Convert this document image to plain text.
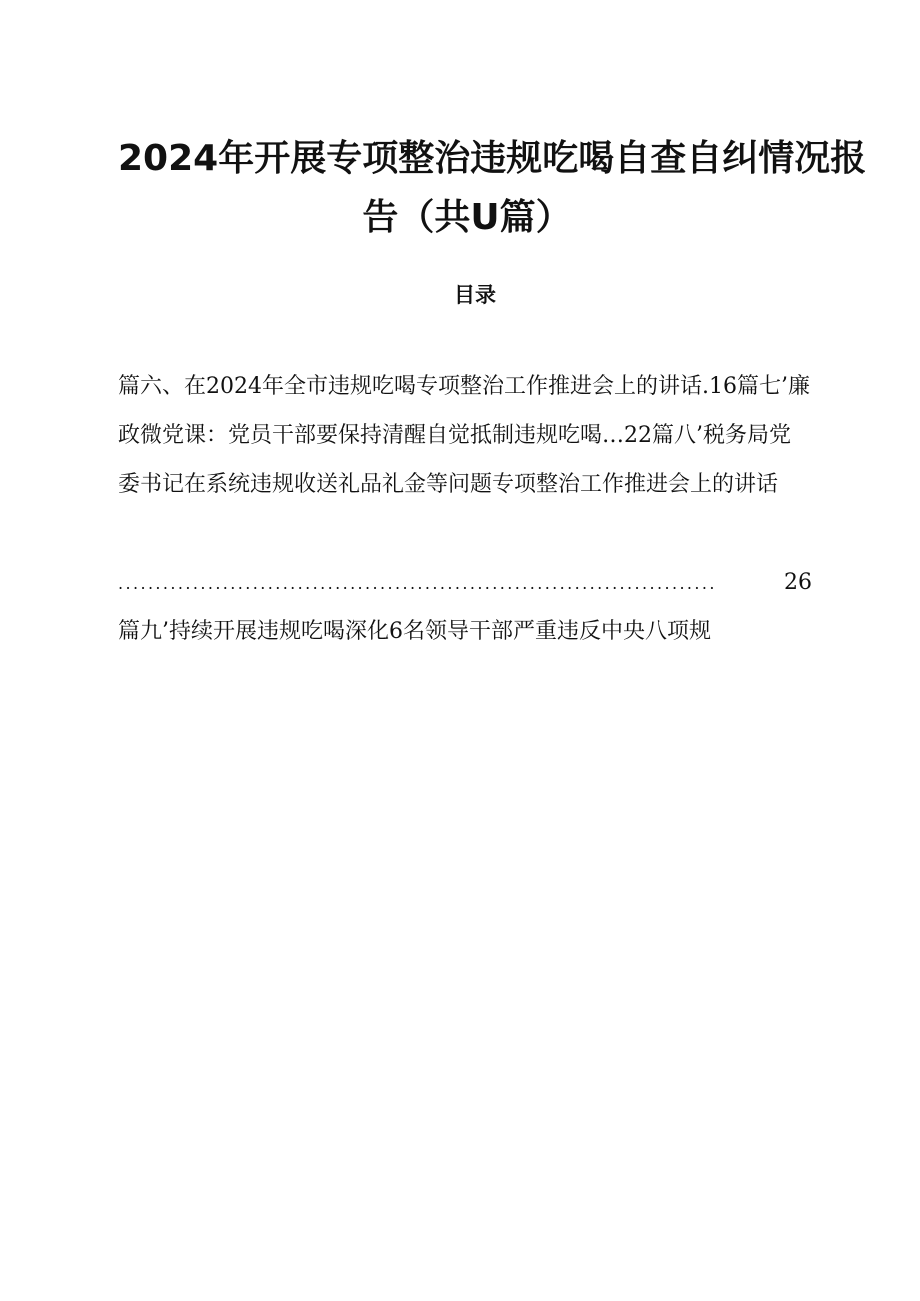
2024年开展专项整治违规吃喝自查自纠情况报
告（共U篇）
目录
篇六、在2024年全市违规吃喝专项整治工作推进会上的讲话.16篇七’廉
政微党课：党员干部要保持清醒自觉抵制违规吃喝…22篇八’税务局党
委书记在系统违规收送礼品礼金等问题专项整治工作推进会上的讲话
................................................................................	26
篇九’持续开展违规吃喝深化6名领导干部严重违反中央八项规
